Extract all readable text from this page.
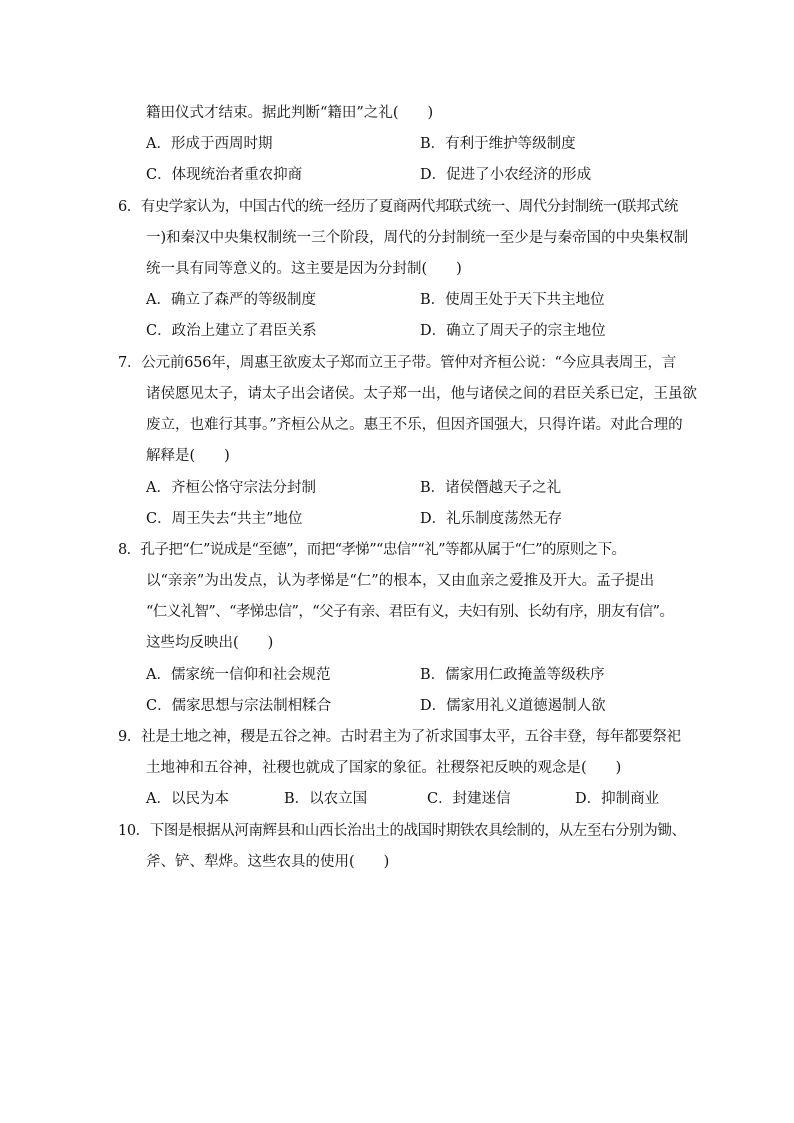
籍田仪式才结束。据此判断“籍田”之礼(　　)
A．形成于西周时期	B．有利于维护等级制度
C．体现统治者重农抑商	D．促进了小农经济的形成
6．有史学家认为，中国古代的统一经历了夏商两代邦联式统一、周代分封制统一(联邦式统
一)和秦汉中央集权制统一三个阶段，周代的分封制统一至少是与秦帝国的中央集权制
统一具有同等意义的。这主要是因为分封制(　　)
A．确立了森严的等级制度	B．使周王处于天下共主地位
C．政治上建立了君臣关系	D．确立了周天子的宗主地位
7．公元前656年，周惠王欲废太子郑而立王子带。管仲对齐桓公说：“今应具表周王，言
诸侯愿见太子，请太子出会诸侯。太子郑一出，他与诸侯之间的君臣关系已定，王虽欲
废立，也难行其事。”齐桓公从之。惠王不乐，但因齐国强大，只得许诺。对此合理的
解释是(　　)
A．齐桓公恪守宗法分封制	B．诸侯僭越天子之礼
C．周王失去“共主”地位	D．礼乐制度荡然无存
8．孔子把“仁”说成是“至德”，而把“孝悌”“忠信”“礼”等都从属于“仁”的原则之下。
以“亲亲”为出发点，认为孝悌是“仁”的根本，又由血亲之爱推及开大。孟子提出
“仁义礼智”、“孝悌忠信”，“父子有亲、君臣有义，夫妇有别、长幼有序，朋友有信”。
这些均反映出(　　)
A．儒家统一信仰和社会规范	B．儒家用仁政掩盖等级秩序
C．儒家思想与宗法制相糅合	D．儒家用礼义道德遏制人欲
9．社是土地之神，稷是五谷之神。古时君主为了祈求国事太平，五谷丰登，每年都要祭祀
土地神和五谷神，社稷也就成了国家的象征。社稷祭祀反映的观念是(　　)
A．以民为本	B．以农立国	C．封建迷信	D．抑制商业
10．下图是根据从河南辉县和山西长治出土的战国时期铁农具绘制的，从左至右分别为锄、
斧、铲、犁烨。这些农具的使用(　　)
